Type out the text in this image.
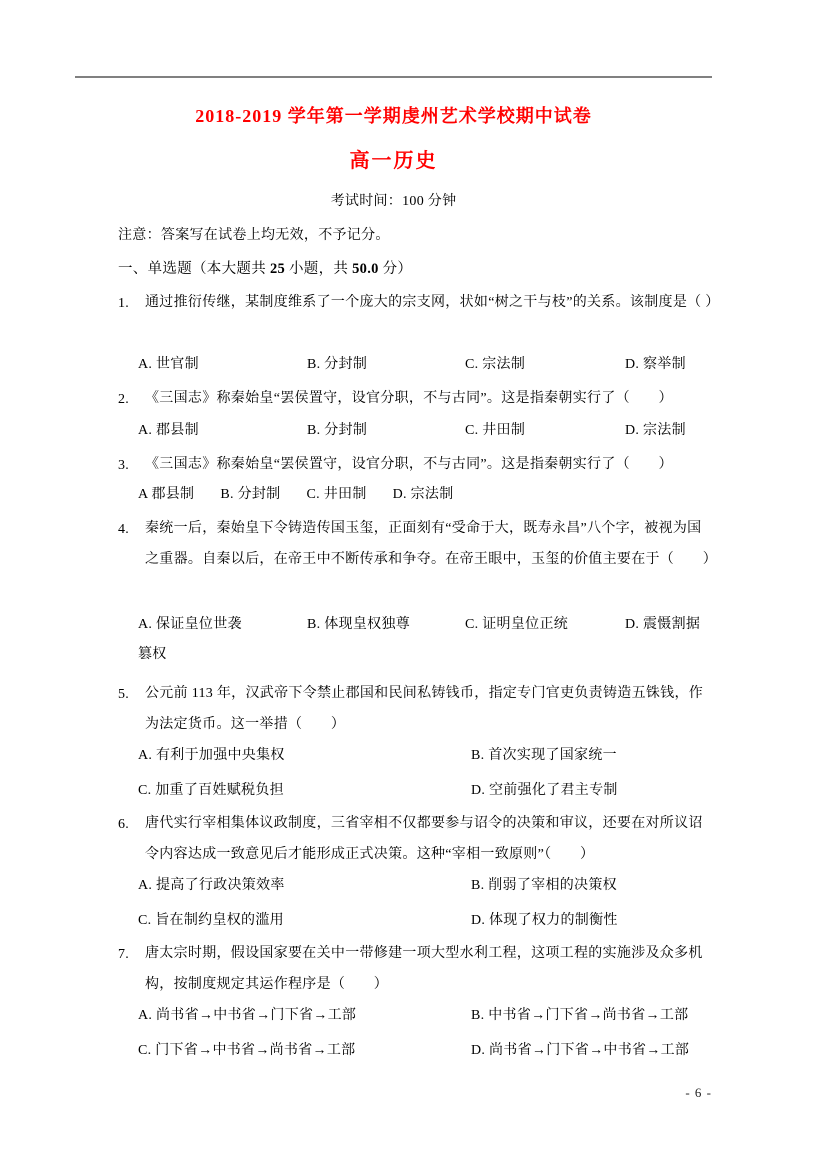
2018-2019 学年第一学期虔州艺术学校期中试卷
高一历史
考试时间：100 分钟
注意：答案写在试卷上均无效，不予记分。
一、单选题（本大题共 25 小题，共 50.0 分）
1. 通过推衍传继，某制度维系了一个庞大的宗支网，状如“树之干与枝”的关系。该制度是（ ）
A. 世官制	B. 分封制	C. 宗法制	D. 察举制
2. 《三国志》称秦始皇“罢侯置守，设官分职，不与古同”。这是指秦朝实行了（　　）
A. 郡县制	B. 分封制	C. 井田制	D. 宗法制
3. 《三国志》称秦始皇“罢侯置守，设官分职，不与古同”。这是指秦朝实行了（　　）
A 郡县制 B. 分封制 C. 井田制 D. 宗法制
4. 秦统一后，秦始皇下令铸造传国玉玺，正面刻有“受命于大，既寿永昌”八个字，被视为国之重器。自秦以后，在帝王中不断传承和争夺。在帝王眼中，玉玺的价值主要在于（　　）
A. 保证皇位世袭	B. 体现皇权独尊	C. 证明皇位正统	D. 震慑割据
篡权
5. 公元前 113 年，汉武帝下令禁止郡国和民间私铸钱币，指定专门官吏负责铸造五铢钱，作为法定货币。这一举措（　　）
A. 有利于加强中央集权	B. 首次实现了国家统一
C. 加重了百姓赋税负担	D. 空前强化了君主专制
6. 唐代实行宰相集体议政制度，三省宰相不仅都要参与诏令的决策和审议，还要在对所议诏令内容达成一致意见后才能形成正式决策。这种“宰相一致原则”（　　）
A. 提高了行政决策效率	B. 削弱了宰相的决策权
C. 旨在制约皇权的滥用	D. 体现了权力的制衡性
7. 唐太宗时期，假设国家要在关中一带修建一项大型水利工程，这项工程的实施涉及众多机构，按制度规定其运作程序是（　　）
A. 尚书省→中书省→门下省→工部	B. 中书省→门下省→尚书省→工部
C. 门下省→中书省→尚书省→工部	D. 尚书省→门下省→中书省→工部
- 6 -
